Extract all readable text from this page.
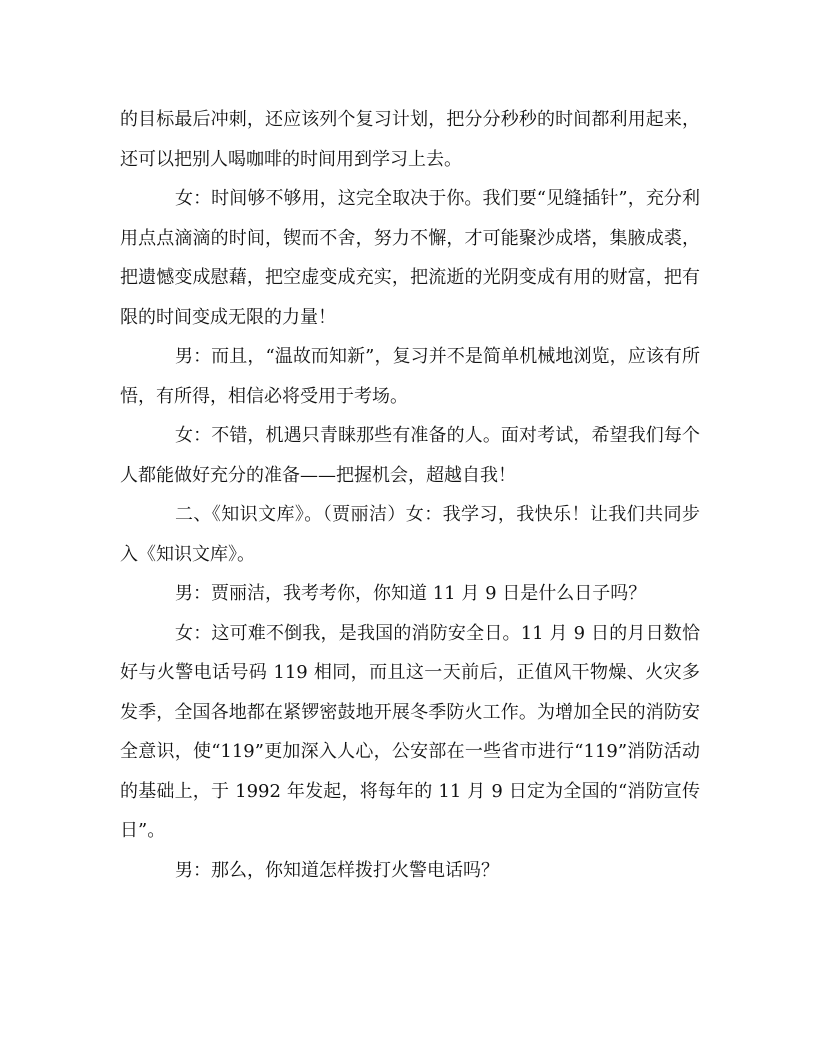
的目标最后冲刺，还应该列个复习计划，把分分秒秒的时间都利用起来，还可以把别人喝咖啡的时间用到学习上去。

女：时间够不够用，这完全取决于你。我们要“见缝插针”，充分利用点点滴滴的时间，锲而不舍，努力不懈，才可能聚沙成塔，集腋成裘，把遗憾变成慰藉，把空虚变成充实，把流逝的光阴变成有用的财富，把有限的时间变成无限的力量！

男：而且，“温故而知新”，复习并不是简单机械地浏览，应该有所悟，有所得，相信必将受用于考场。

女：不错，机遇只青睐那些有准备的人。面对考试，希望我们每个人都能做好充分的准备——把握机会，超越自我！

二、《知识文库》。（贾丽洁）女：我学习，我快乐！让我们共同步入《知识文库》。

男：贾丽洁，我考考你，你知道 11 月 9 日是什么日子吗？

女：这可难不倒我，是我国的消防安全日。11 月 9 日的月日数恰好与火警电话号码 119 相同，而且这一天前后，正值风干物燥、火灾多发季，全国各地都在紧锣密鼓地开展冬季防火工作。为增加全民的消防安全意识，使“119”更加深入人心，公安部在一些省市进行“119”消防活动的基础上，于 1992 年发起，将每年的 11 月 9 日定为全国的“消防宣传日”。

男：那么，你知道怎样拨打火警电话吗？
